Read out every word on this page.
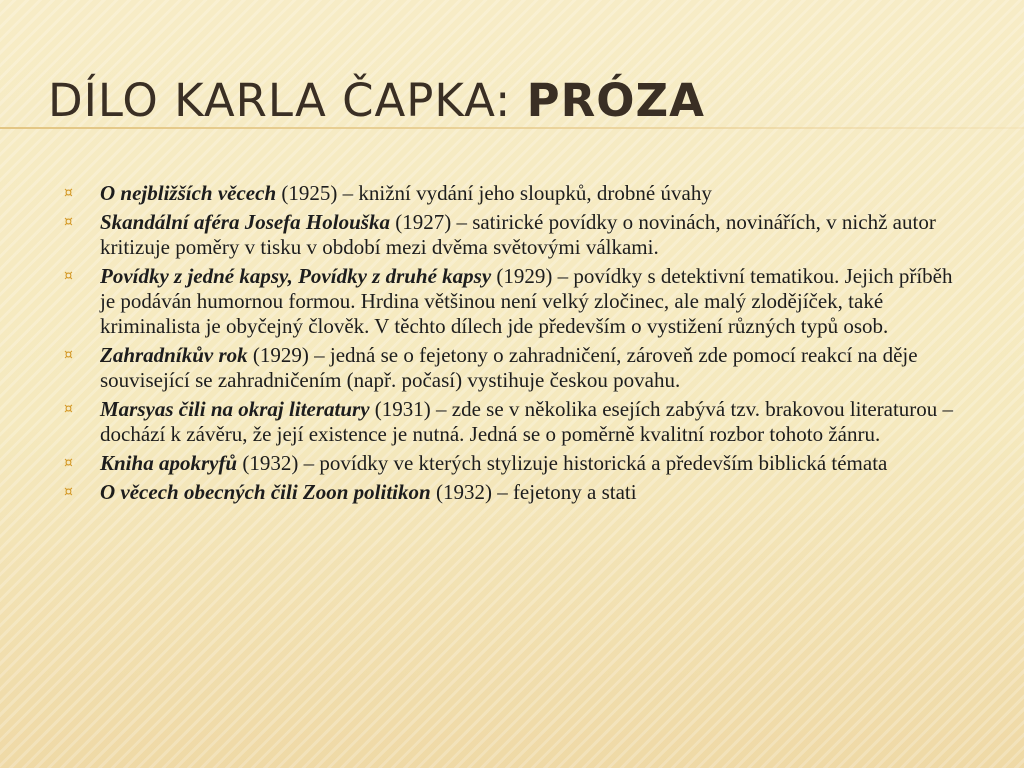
DÍLO KARLA ČAPKA: PRÓZA
¤ O nejbližších věcech (1925) – knižní vydání jeho sloupků, drobné úvahy
¤ Skandální aféra Josefa Holouška (1927) – satirické povídky o novinách, novinářích, v nichž autor kritizuje poměry v tisku v období mezi dvěma světovými válkami.
¤ Povídky z jedné kapsy, Povídky z druhé kapsy (1929) – povídky s detektivní tematikou. Jejich příběh je podáván humornou formou. Hrdina většinou není velký zločinec, ale malý zlodějíček, také kriminalista je obyčejný člověk. V těchto dílech jde především o vystižení různých typů osob.
¤ Zahradníkův rok (1929) – jedná se o fejetony o zahradničení, zároveň zde pomocí reakcí na děje související se zahradničením (např. počasí) vystihuje českou povahu.
¤ Marsyas čili na okraj literatury (1931) – zde se v několika esejích zabývá tzv. brakovou literaturou – dochází k závěru, že její existence je nutná. Jedná se o poměrně kvalitní rozbor tohoto žánru.
¤ Kniha apokryfů (1932) – povídky ve kterých stylizuje historická a především biblická témata
¤ O věcech obecných čili Zoon politikon (1932) – fejetony a stati
